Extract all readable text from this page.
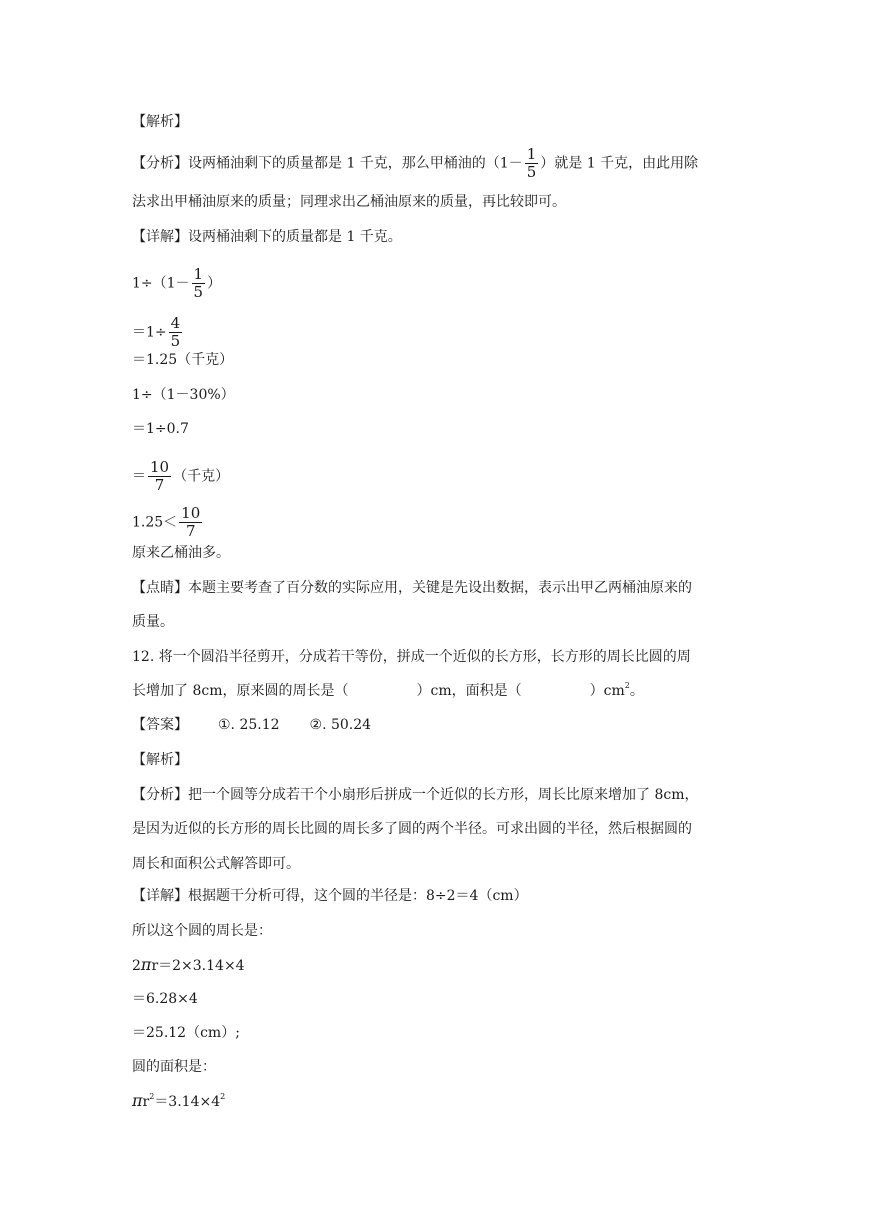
【解析】
【分析】设两桶油剩下的质量都是 1 千克，那么甲桶油的（$1- \frac{1}{5}$ ）就是 1 千克，由此用除
法求出甲桶油原来的质量；同理求出乙桶油原来的质量，再比较即可。
【详解】设两桶油剩下的质量都是 1 千克。
$1\div(1- \frac{1}{5}$ ）
$=1\div \frac{4}{5}$
＝1.25（千克）
1÷（1－30%）
＝1÷0.7
＝ $\frac{10}{7}$ （千克）
$1.25< \frac{10}{7}$
原来乙桶油多。
【点睛】本题主要考查了百分数的实际应用，关键是先设出数据，表示出甲乙两桶油原来的
质量。
12. 将一个圆沿半径剪开，分成若干等份，拼成一个近似的长方形，长方形的周长比圆的周
长增加了 8cm，原来圆的周长是（	）cm，面积是（	）$cm^2$。
【答案】 ①. 25.12 ②. 50.24
【解析】
【分析】把一个圆等分成若干个小扇形后拼成一个近似的长方形，周长比原来增加了 8cm，
是因为近似的长方形的周长比圆的周长多了圆的两个半径。可求出圆的半径，然后根据圆的
周长和面积公式解答即可。
【详解】根据题干分析可得，这个圆的半径是：8÷2＝4（cm）
所以这个圆的周长是：
2πr＝2×3.14×4
＝6.28×4
＝25.12（cm）;
圆的面积是：
$\pi r^2=3.14\times 4^2$
